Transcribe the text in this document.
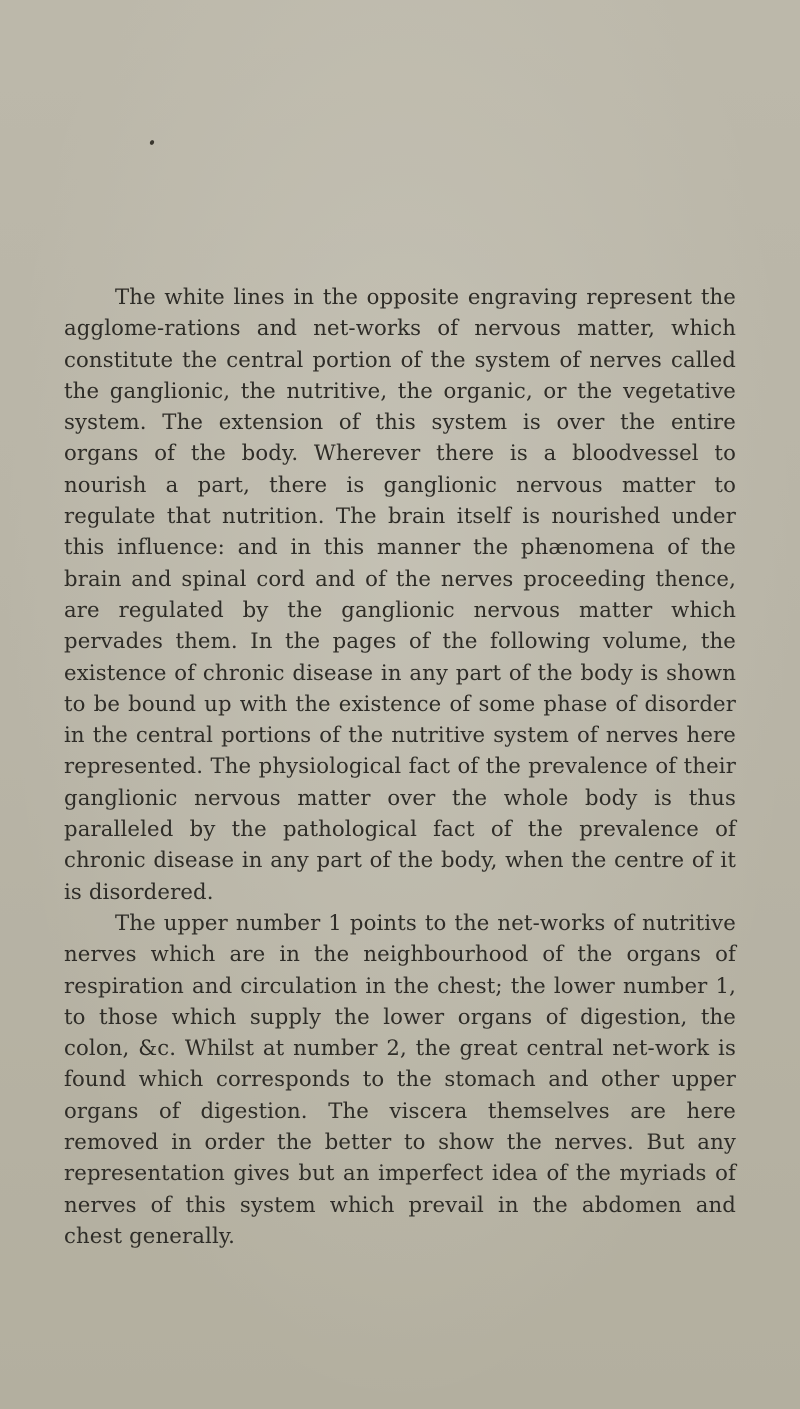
The white lines in the opposite engraving represent the agglome-rations and net-works of nervous matter, which constitute the central portion of the system of nerves called the ganglionic, the nutritive, the organic, or the vegetative system. The extension of this system is over the entire organs of the body. Wherever there is a bloodvessel to nourish a part, there is ganglionic nervous matter to regulate that nutrition. The brain itself is nourished under this influence: and in this manner the phænomena of the brain and spinal cord and of the nerves proceeding thence, are regulated by the ganglionic nervous matter which pervades them. In the pages of the following volume, the existence of chronic disease in any part of the body is shown to be bound up with the existence of some phase of disorder in the central portions of the nutritive system of nerves here represented. The physiological fact of the prevalence of their ganglionic nervous matter over the whole body is thus paralleled by the pathological fact of the prevalence of chronic disease in any part of the body, when the centre of it is disordered.

The upper number 1 points to the net-works of nutritive nerves which are in the neighbourhood of the organs of respiration and circulation in the chest; the lower number 1, to those which supply the lower organs of digestion, the colon, &c. Whilst at number 2, the great central net-work is found which corresponds to the stomach and other upper organs of digestion. The viscera themselves are here removed in order the better to show the nerves. But any representation gives but an imperfect idea of the myriads of nerves of this system which prevail in the abdomen and chest generally.
